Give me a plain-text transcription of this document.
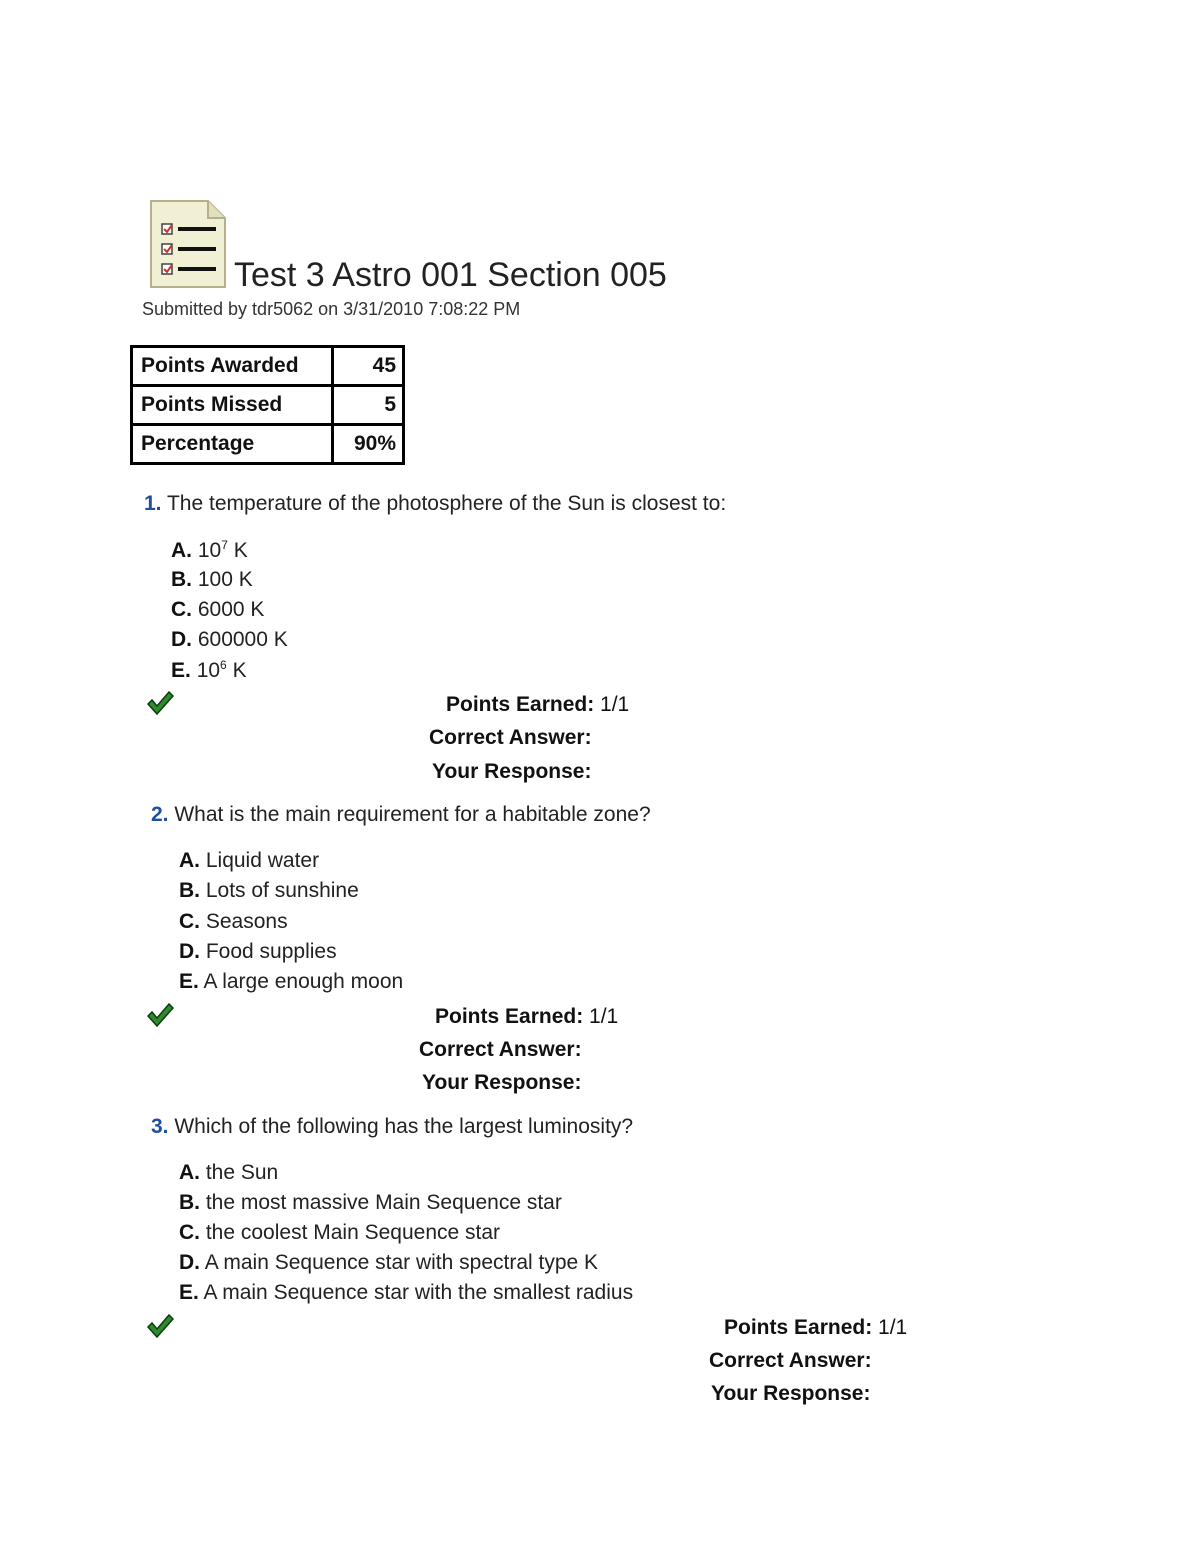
Test 3 Astro 001 Section 005
Submitted by tdr5062 on 3/31/2010 7:08:22 PM
Points Awarded	45
Points Missed	5
Percentage	90%
1. The temperature of the photosphere of the Sun is closest to:
A. $10^7$ K
B. 100 K
C. 6000 K
D. 600000 K
E. $10^6$ K
Points Earned: 1/1
Correct Answer:
Your Response:
2. What is the main requirement for a habitable zone?
A. Liquid water
B. Lots of sunshine
C. Seasons
D. Food supplies
E. A large enough moon
Points Earned: 1/1
Correct Answer:
Your Response:
3. Which of the following has the largest luminosity?
A. the Sun
B. the most massive Main Sequence star
C. the coolest Main Sequence star
D. A main Sequence star with spectral type K
E. A main Sequence star with the smallest radius
Points Earned: 1/1
Correct Answer:
Your Response:
